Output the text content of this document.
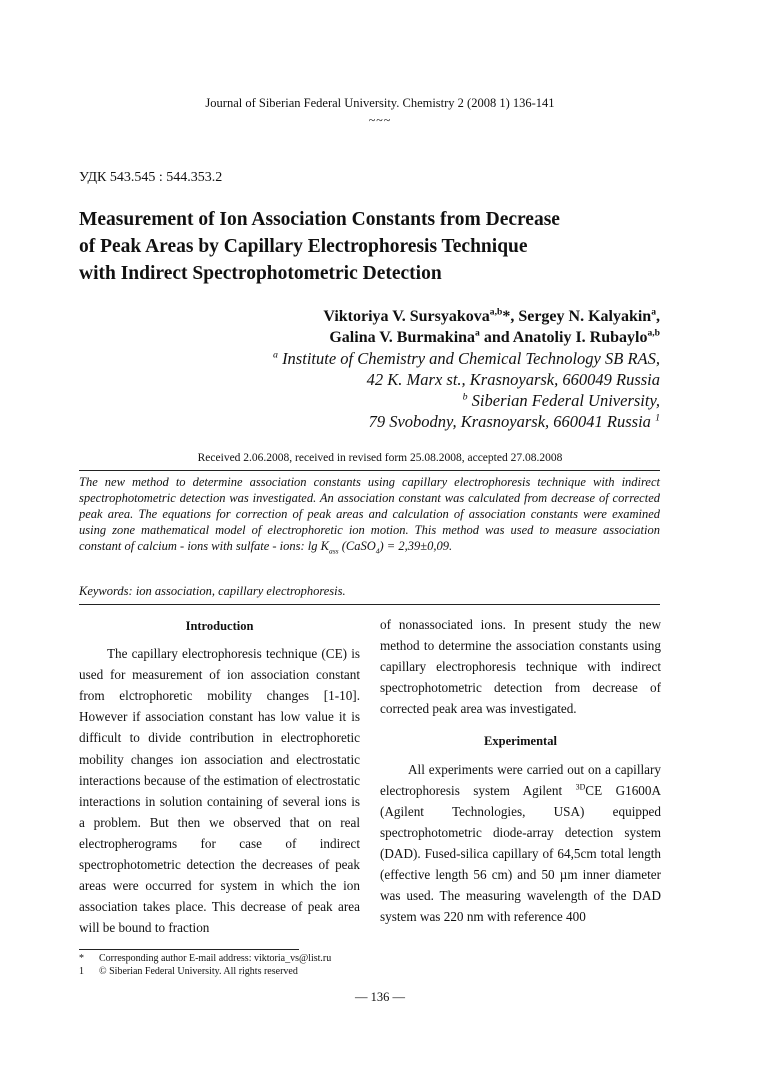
Journal of Siberian Federal University. Chemistry 2 (2008 1) 136-141
~~~
УДК 543.545 : 544.353.2
Measurement of Ion Association Constants from Decrease
of Peak Areas by Capillary Electrophoresis Technique
with Indirect Spectrophotometric Detection
Viktoriya V. Sursyakova$^{a,b}$*, Sergey N. Kalyakin$^a$,
Galina V. Burmakina$^a$ and Anatoliy I. Rubaylo$^{a,b}$
$^a$ Institute of Chemistry and Chemical Technology SB RAS,
42 K. Marx st., Krasnoyarsk, 660049 Russia
$^b$ Siberian Federal University,
79 Svobodny, Krasnoyarsk, 660041 Russia $^1$
Received 2.06.2008, received in revised form 25.08.2008, accepted 27.08.2008
The new method to determine association constants using capillary electrophoresis technique with indirect spectrophotometric detection was investigated. An association constant was calculated from decrease of corrected peak area. The equations for correction of peak areas and calculation of association constants were examined using zone mathematical model of electrophoretic ion motion. This method was used to measure association constant of calcium - ions with sulfate - ions: $\lg K_{ass}$ (CaSO$_4$) = 2,39±0,09.
Keywords: ion association, capillary electrophoresis.
Introduction

The capillary electrophoresis technique (CE) is used for measurement of ion association constant from elctrophoretic mobility changes [1-10]. However if association constant has low value it is difficult to divide contribution in electrophoretic mobility changes ion association and electrostatic interactions because of the estimation of electrostatic interactions in solution containing of several ions is a problem. But then we observed that on real electropherograms for case of indirect spectrophotometric detection the decreases of peak areas were occurred for system in which the ion association takes place. This decrease of peak area will be bound to fraction

of nonassociated ions. In present study the new method to determine the association constants using capillary electrophoresis technique with indirect spectrophotometric detection from decrease of corrected peak area was investigated.

Experimental

All experiments were carried out on a capillary electrophoresis system Agilent $^{3D}$CE G1600A (Agilent Technologies, USA) equipped spectrophotometric diode-array detection system (DAD). Fused-silica capillary of 64,5cm total length (effective length 56 cm) and 50 µm inner diameter was used. The measuring wavelength of the DAD system was 220 nm with reference 400

* Corresponding author E-mail address: viktoria_vs@list.ru
1 © Siberian Federal University. All rights reserved
— 136 —
